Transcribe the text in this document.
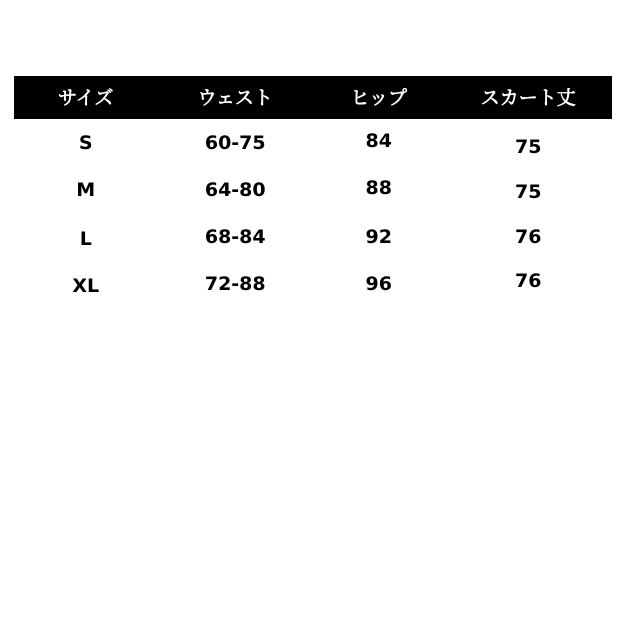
サイズ	ウェスト	ヒップ	スカート丈
S	60-75	84	75
M	64-80	88	75
L	68-84	92	76
XL	72-88	96	76
